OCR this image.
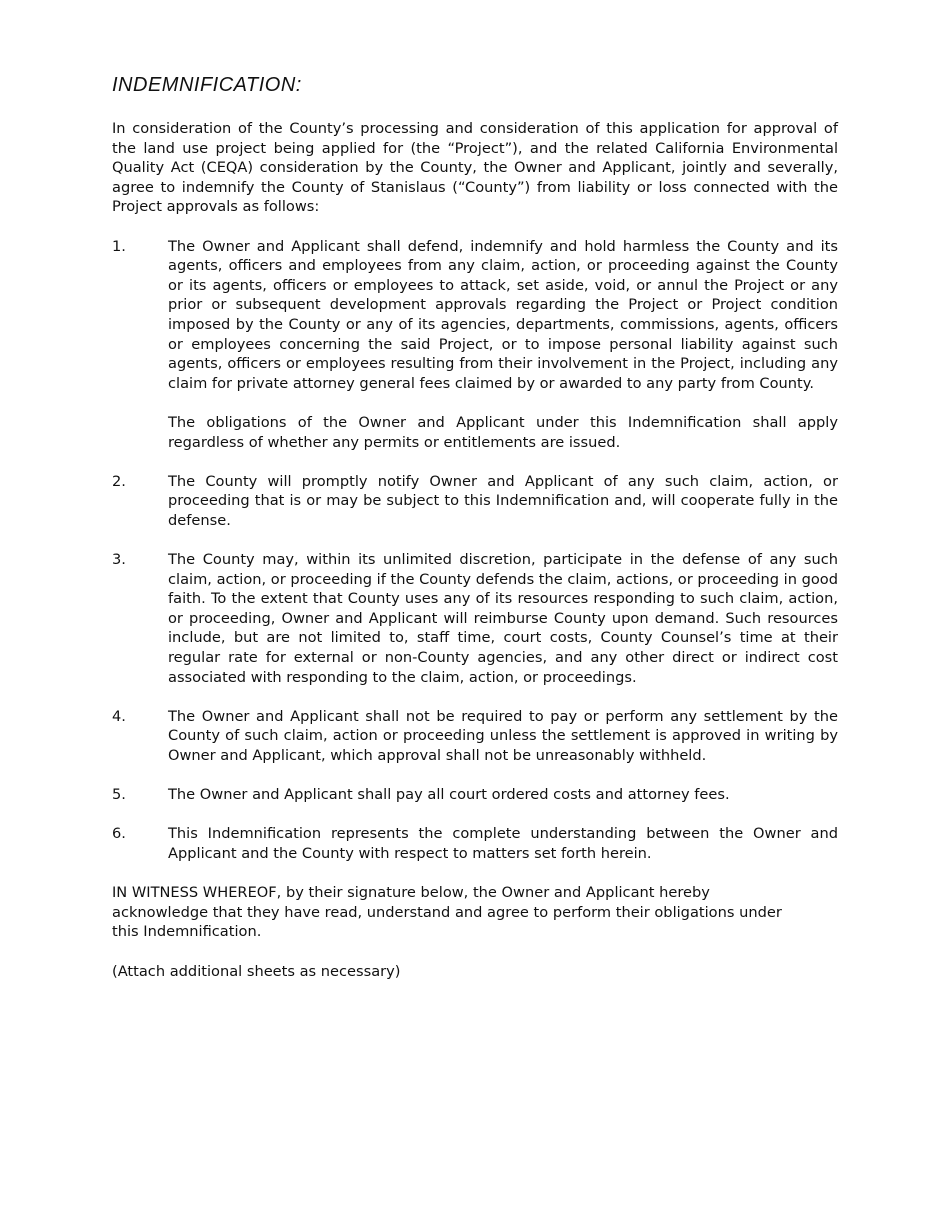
INDEMNIFICATION:

In consideration of the County’s processing and consideration of this application for approval of the land use project being applied for (the “Project”), and the related California Environmental Quality Act (CEQA) consideration by the County, the Owner and Applicant, jointly and severally, agree to indemnify the County of Stanislaus (“County”) from liability or loss connected with the Project approvals as follows:

1.	The Owner and Applicant shall defend, indemnify and hold harmless the County and its agents, officers and employees from any claim, action, or proceeding against the County or its agents, officers or employees to attack, set aside, void, or annul the Project or any prior or subsequent development approvals regarding the Project or Project condition imposed by the County or any of its agencies, departments, commissions, agents, officers or employees concerning the said Project, or to impose personal liability against such agents, officers or employees resulting from their involvement in the Project, including any claim for private attorney general fees claimed by or awarded to any party from County.

The obligations of the Owner and Applicant under this Indemnification shall apply regardless of whether any permits or entitlements are issued.

2.	The County will promptly notify Owner and Applicant of any such claim, action, or proceeding that is or may be subject to this Indemnification and, will cooperate fully in the defense.

3.	The County may, within its unlimited discretion, participate in the defense of any such claim, action, or proceeding if the County defends the claim, actions, or proceeding in good faith. To the extent that County uses any of its resources responding to such claim, action, or proceeding, Owner and Applicant will reimburse County upon demand. Such resources include, but are not limited to, staff time, court costs, County Counsel’s time at their regular rate for external or non-County agencies, and any other direct or indirect cost associated with responding to the claim, action, or proceedings.

4.	The Owner and Applicant shall not be required to pay or perform any settlement by the County of such claim, action or proceeding unless the settlement is approved in writing by Owner and Applicant, which approval shall not be unreasonably withheld.

5.	The Owner and Applicant shall pay all court ordered costs and attorney fees.

6.	This Indemnification represents the complete understanding between the Owner and Applicant and the County with respect to matters set forth herein.

IN WITNESS WHEREOF, by their signature below, the Owner and Applicant hereby acknowledge that they have read, understand and agree to perform their obligations under this Indemnification.

(Attach additional sheets as necessary)
